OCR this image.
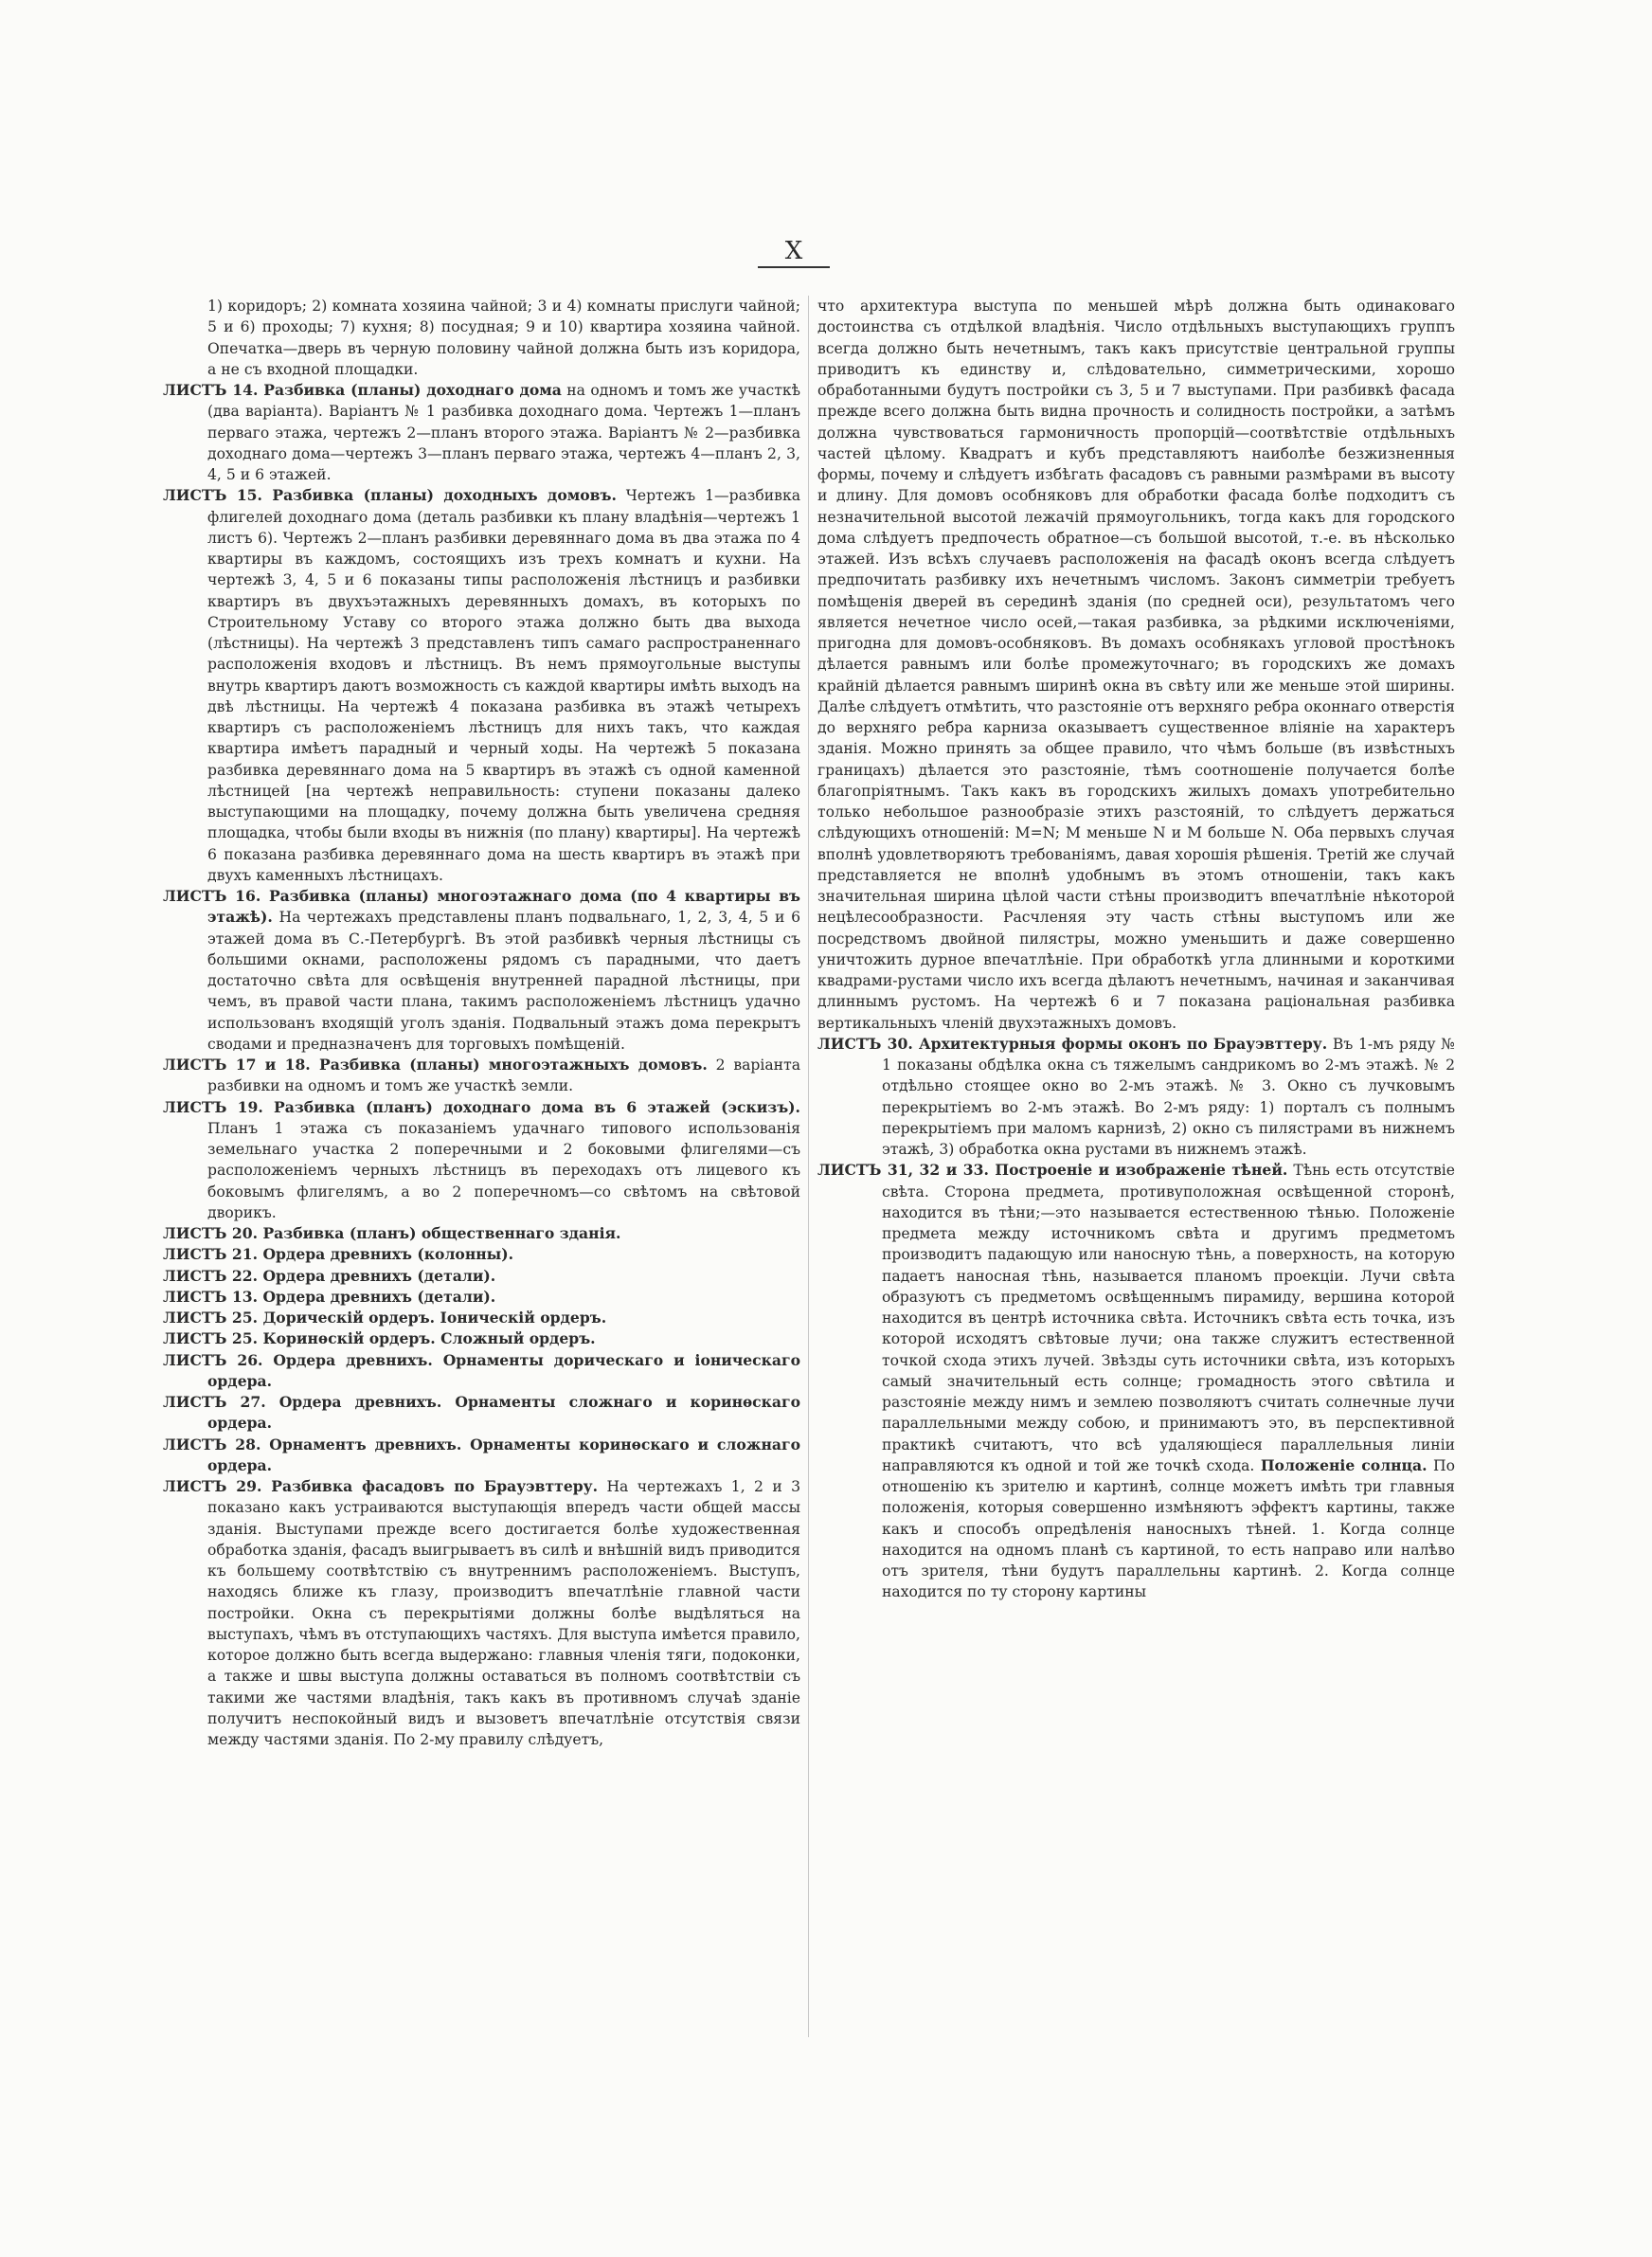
X

1) коридоръ; 2) комната хозяина чайной; 3 и 4) комнаты прислуги чайной; 5 и 6) проходы; 7) кухня; 8) посудная; 9 и 10) квартира хозяина чайной. Опечатка—дверь въ черную половину чайной должна быть изъ коридора, а не съ входной площадки.

ЛИСТЪ 14. Разбивка (планы) доходнаго дома на одномъ и томъ же участкѣ (два варіанта). Варіантъ № 1 разбивка доходнаго дома. Чертежъ 1—планъ перваго этажа, чертежъ 2—планъ второго этажа. Варіантъ № 2—разбивка доходнаго дома—чертежъ 3—планъ перваго этажа, чертежъ 4—планъ 2, 3, 4, 5 и 6 этажей.

ЛИСТЪ 15. Разбивка (планы) доходныхъ домовъ. Чертежъ 1—разбивка флигелей доходнаго дома (деталь разбивки къ плану владѣнія—чертежъ 1 листъ 6). Чертежъ 2—планъ разбивки деревяннаго дома въ два этажа по 4 квартиры въ каждомъ, состоящихъ изъ трехъ комнатъ и кухни. На чертежѣ 3, 4, 5 и 6 показаны типы расположенія лѣстницъ и разбивки квартиръ въ двухъэтажныхъ деревянныхъ домахъ, въ которыхъ по Строительному Уставу со второго этажа должно быть два выхода (лѣстницы). На чертежѣ 3 представленъ типъ самаго распространеннаго расположенія входовъ и лѣстницъ. Въ немъ прямоугольные выступы внутрь квартиръ даютъ возможность съ каждой квартиры имѣть выходъ на двѣ лѣстницы. На чертежѣ 4 показана разбивка въ этажѣ четырехъ квартиръ съ расположеніемъ лѣстницъ для нихъ такъ, что каждая квартира имѣетъ парадный и черный ходы. На чертежѣ 5 показана разбивка деревяннаго дома на 5 квартиръ въ этажѣ съ одной каменной лѣстницей [на чертежѣ неправильность: ступени показаны далеко выступающими на площадку, почему должна быть увеличена средняя площадка, чтобы были входы въ нижнія (по плану) квартиры]. На чертежѣ 6 показана разбивка деревяннаго дома на шесть квартиръ въ этажѣ при двухъ каменныхъ лѣстницахъ.

ЛИСТЪ 16. Разбивка (планы) многоэтажнаго дома (по 4 квартиры въ этажѣ). На чертежахъ представлены планъ подвальнаго, 1, 2, 3, 4, 5 и 6 этажей дома въ С.-Петербургѣ. Въ этой разбивкѣ черныя лѣстницы съ большими окнами, расположены рядомъ съ парадными, что даетъ достаточно свѣта для освѣщенія внутренней парадной лѣстницы, при чемъ, въ правой части плана, такимъ расположеніемъ лѣстницъ удачно использованъ входящій уголъ зданія. Подвальный этажъ дома перекрытъ сводами и предназначенъ для торговыхъ помѣщеній.

ЛИСТЪ 17 и 18. Разбивка (планы) многоэтажныхъ домовъ. 2 варіанта разбивки на одномъ и томъ же участкѣ земли.

ЛИСТЪ 19. Разбивка (планъ) доходнаго дома въ 6 этажей (эскизъ). Планъ 1 этажа съ показаніемъ удачнаго типового использованія земельнаго участка 2 поперечными и 2 боковыми флигелями—съ расположеніемъ черныхъ лѣстницъ въ переходахъ отъ лицевого къ боковымъ флигелямъ, а во 2 поперечномъ—со свѣтомъ на свѣтовой дворикъ.

ЛИСТЪ 20. Разбивка (планъ) общественнаго зданія.

ЛИСТЪ 21. Ордера древнихъ (колонны).

ЛИСТЪ 22. Ордера древнихъ (детали).

ЛИСТЪ 13. Ордера древнихъ (детали).

ЛИСТЪ 25. Дорическій ордеръ. Іоническій ордеръ.

ЛИСТЪ 25. Коринѳскій ордеръ. Сложный ордеръ.

ЛИСТЪ 26. Ордера древнихъ. Орнаменты дорическаго и іоническаго ордера.

ЛИСТЪ 27. Ордера древнихъ. Орнаменты сложнаго и коринѳскаго ордера.

ЛИСТЪ 28. Орнаментъ древнихъ. Орнаменты коринѳскаго и сложнаго ордера.

ЛИСТЪ 29. Разбивка фасадовъ по Брауэвттеру. На чертежахъ 1, 2 и 3 показано какъ устраиваются выступающія впередъ части общей массы зданія. Выступами прежде всего достигается болѣе художественная обработка зданія, фасадъ выигрываетъ въ силѣ и внѣшній видъ приводится къ большему соотвѣтствію съ внутреннимъ расположеніемъ. Выступъ, находясь ближе къ глазу, производитъ впечатлѣніе главной части постройки. Окна съ перекрытіями должны болѣе выдѣляться на выступахъ, чѣмъ въ отступающихъ частяхъ. Для выступа имѣется правило, которое должно быть всегда выдержано: главныя членія тяги, подоконки, а также и швы выступа должны оставаться въ полномъ соотвѣтствіи съ такими же частями владѣнія, такъ какъ въ противномъ случаѣ зданіе получитъ неспокойный видъ и вызоветъ впечатлѣніе отсутствія связи между частями зданія. По 2-му правилу слѣдуетъ,

что архитектура выступа по меньшей мѣрѣ должна быть одинаковаго достоинства съ отдѣлкой владѣнія. Число отдѣльныхъ выступающихъ группъ всегда должно быть нечетнымъ, такъ какъ присутствіе центральной группы приводитъ къ единству и, слѣдовательно, симметрическими, хорошо обработанными будутъ постройки съ 3, 5 и 7 выступами. При разбивкѣ фасада прежде всего должна быть видна прочность и солидность постройки, а затѣмъ должна чувствоваться гармоничность пропорцій—соотвѣтствіе отдѣльныхъ частей цѣлому. Квадратъ и кубъ представляютъ наиболѣе безжизненныя формы, почему и слѣдуетъ избѣгать фасадовъ съ равными размѣрами въ высоту и длину. Для домовъ особняковъ для обработки фасада болѣе подходитъ съ незначительной высотой лежачій прямоугольникъ, тогда какъ для городского дома слѣдуетъ предпочесть обратное—съ большой высотой, т.-е. въ нѣсколько этажей. Изъ всѣхъ случаевъ расположенія на фасадѣ оконъ всегда слѣдуетъ предпочитать разбивку ихъ нечетнымъ числомъ. Законъ симметріи требуетъ помѣщенія дверей въ серединѣ зданія (по средней оси), результатомъ чего является нечетное число осей,—такая разбивка, за рѣдкими исключеніями, пригодна для домовъ-особняковъ. Въ домахъ особнякахъ угловой простѣнокъ дѣлается равнымъ или болѣе промежуточнаго; въ городскихъ же домахъ крайній дѣлается равнымъ ширинѣ окна въ свѣту или же меньше этой ширины. Далѣе слѣдуетъ отмѣтить, что разстояніе отъ верхняго ребра оконнаго отверстія до верхняго ребра карниза оказываетъ существенное вліяніе на характеръ зданія. Можно принять за общее правило, что чѣмъ больше (въ извѣстныхъ границахъ) дѣлается это разстояніе, тѣмъ соотношеніе получается болѣе благопріятнымъ. Такъ какъ въ городскихъ жилыхъ домахъ употребительно только небольшое разнообразіе этихъ разстояній, то слѣдуетъ держаться слѣдующихъ отношеній: M=N; M меньше N и M больше N. Оба первыхъ случая вполнѣ удовлетворяютъ требованіямъ, давая хорошія рѣшенія. Третій же случай представляется не вполнѣ удобнымъ въ этомъ отношеніи, такъ какъ значительная ширина цѣлой части стѣны производитъ впечатлѣніе нѣкоторой нецѣлесообразности. Расчленяя эту часть стѣны выступомъ или же посредствомъ двойной пилястры, можно уменьшить и даже совершенно уничтожить дурное впечатлѣніе. При обработкѣ угла длинными и короткими квадрами-рустами число ихъ всегда дѣлаютъ нечетнымъ, начиная и заканчивая длиннымъ рустомъ. На чертежѣ 6 и 7 показана раціональная разбивка вертикальныхъ членій двухэтажныхъ домовъ.

ЛИСТЪ 30. Архитектурныя формы оконъ по Брауэвттеру. Въ 1-мъ ряду № 1 показаны обдѣлка окна съ тяжелымъ сандрикомъ во 2-мъ этажѣ. № 2 отдѣльно стоящее окно во 2-мъ этажѣ. № 3. Окно съ лучковымъ перекрытіемъ во 2-мъ этажѣ. Во 2-мъ ряду: 1) порталъ съ полнымъ перекрытіемъ при маломъ карнизѣ, 2) окно съ пилястрами въ нижнемъ этажѣ, 3) обработка окна рустами въ нижнемъ этажѣ.

ЛИСТЪ 31, 32 и 33. Построеніе и изображеніе тѣней. Тѣнь есть отсутствіе свѣта. Сторона предмета, противуположная освѣщенной сторонѣ, находится въ тѣни;—это называется естественною тѣнью. Положеніе предмета между источникомъ свѣта и другимъ предметомъ производитъ падающую или наносную тѣнь, а поверхность, на которую падаетъ наносная тѣнь, называется планомъ проекціи. Лучи свѣта образуютъ съ предметомъ освѣщеннымъ пирамиду, вершина которой находится въ центрѣ источника свѣта. Источникъ свѣта есть точка, изъ которой исходятъ свѣтовые лучи; она также служитъ естественной точкой схода этихъ лучей. Звѣзды суть источники свѣта, изъ которыхъ самый значительный есть солнце; громадность этого свѣтила и разстояніе между нимъ и землею позволяютъ считать солнечные лучи параллельными между собою, и принимаютъ это, въ перспективной практикѣ считаютъ, что всѣ удаляющіеся параллельныя линіи направляются къ одной и той же точкѣ схода. Положеніе солнца. По отношенію къ зрителю и картинѣ, солнце можетъ имѣть три главныя положенія, которыя совершенно измѣняютъ эффектъ картины, также какъ и способъ опредѣленія наносныхъ тѣней. 1. Когда солнце находится на одномъ планѣ съ картиной, то есть направо или налѣво отъ зрителя, тѣни будутъ параллельны картинѣ. 2. Когда солнце находится по ту сторону картины
